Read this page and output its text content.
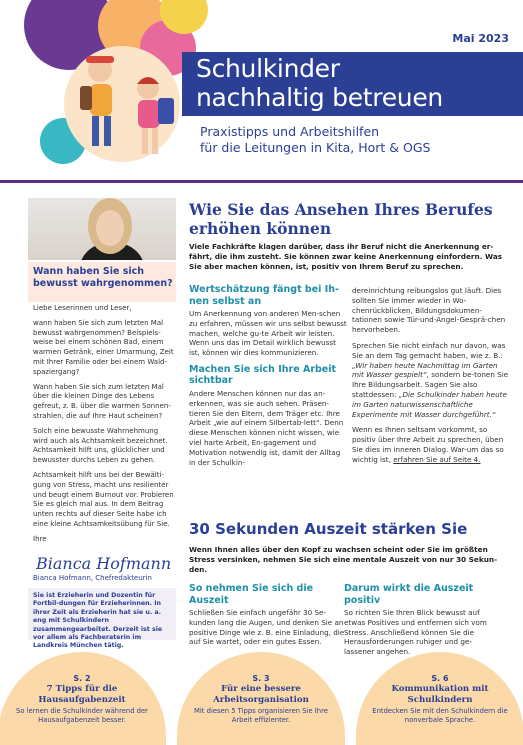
Mai 2023
Schulkinder
nachhaltig betreuen
Praxistipps und Arbeitshilfen
für die Leitungen in Kita, Hort & OGS
Wann haben Sie sich bewusst wahrgenommen?

Liebe Leserinnen und Leser,

wann haben Sie sich zum letzten Mal bewusst wahrgenommen? Beispiels-weise bei einem schönen Bad, einem warmen Getränk, einer Umarmung, Zeit mit Ihrer Familie oder bei einem Wald-spaziergang?

Wann haben Sie sich zum letzten Mal über die kleinen Dinge des Lebens gefreut, z. B. über die warmen Sonnen-strahlen, die auf Ihre Haut scheinen?

Solch eine bewusste Wahrnehmung wird auch als Achtsamkeit bezeichnet. Achtsamkeit hilft uns, glücklicher und bewusster durchs Leben zu gehen.

Achtsamkeit hilft uns bei der Bewälti-gung von Stress, macht uns resilienter und beugt einem Burnout vor. Probieren Sie es gleich mal aus. In dem Beitrag unten rechts auf dieser Seite habe ich eine kleine Achtsamkeitsübung für Sie.

Ihre

Bianca Hofmann
Bianca Hofmann, Chefredakteurin
Sie ist Erzieherin und Dozentin für Fortbil-dungen für Erzieherinnen. In ihrer Zeit als Erzieherin hat sie u. a. eng mit Schulkindern zusammengearbeitet. Derzeit ist sie vor allem als Fachberaterin im Landkreis München tätig.
Wie Sie das Ansehen Ihres Berufes erhöhen können
Viele Fachkräfte klagen darüber, dass ihr Beruf nicht die Anerkennung er-fährt, die ihm zusteht. Sie können zwar keine Anerkennung einfordern. Was Sie aber machen können, ist, positiv von Ihrem Beruf zu sprechen.
Wertschätzung fängt bei Ih-nen selbst an

Um Anerkennung von anderen Men-schen zu erfahren, müssen wir uns selbst bewusst machen, welche gu-te Arbeit wir leisten. Wenn uns das im Detail wirklich bewusst ist, können wir dies kommunizieren.

Machen Sie sich Ihre Arbeit sichtbar

Andere Menschen können nur das an-erkennen, was sie auch sehen. Präsen-tieren Sie den Eltern, dem Träger etc. Ihre Arbeit „wie auf einem Silbertab-lett“. Denn diese Menschen können nicht wissen, wie viel harte Arbeit, En-gagement und Motivation notwendig ist, damit der Alltag in der Schulkin-

dereinrichtung reibungslos gut läuft. Dies sollten Sie immer wieder in Wo-chenrückblicken, Bildungsdokumen-tationen sowie Tür-und-Angel-Gesprä-chen hervorheben.

Sprechen Sie nicht einfach nur davon, was Sie an dem Tag gemacht haben, wie z. B.: „Wir haben heute Nachmittag im Garten mit Wasser gespielt“, sondern be-tonen Sie Ihre Bildungsarbeit. Sagen Sie also stattdessen: „Die Schulkinder haben heute im Garten naturwissenschaftliche Experimente mit Wasser durchgeführt.“

Wenn es Ihnen seltsam vorkommt, so positiv über Ihre Arbeit zu sprechen, üben Sie dies im inneren Dialog. War-um das so wichtig ist, erfahren Sie auf Seite 4.

30 Sekunden Auszeit stärken Sie
Wenn Ihnen alles über den Kopf zu wachsen scheint oder Sie im größten Stress versinken, nehmen Sie sich eine mentale Auszeit von nur 30 Sekun-den.
So nehmen Sie sich die Auszeit

Schließen Sie einfach ungefähr 30 Se-kunden lang die Augen, und denken Sie an positive Dinge wie z. B. eine Einladung, die auf Sie wartet, oder ein gutes Essen.

Darum wirkt die Auszeit positiv

So richten Sie Ihren Blick bewusst auf etwas Positives und entfernen sich vom Stress. Anschließend können Sie die Herausforderungen ruhiger und ge-lassener angehen.

S. 2
7 Tipps für die Hausaufgabenzeit
So lernen die Schulkinder während der Hausaufgabenzeit besser.
S. 3
Für eine bessere Arbeitsorganisation
Mit diesen 5 Tipps organisieren Sie Ihre Arbeit effizienter.
S. 6
Kommunikation mit Schulkindern
Entdecken Sie mit den Schulkindern die nonverbale Sprache.
